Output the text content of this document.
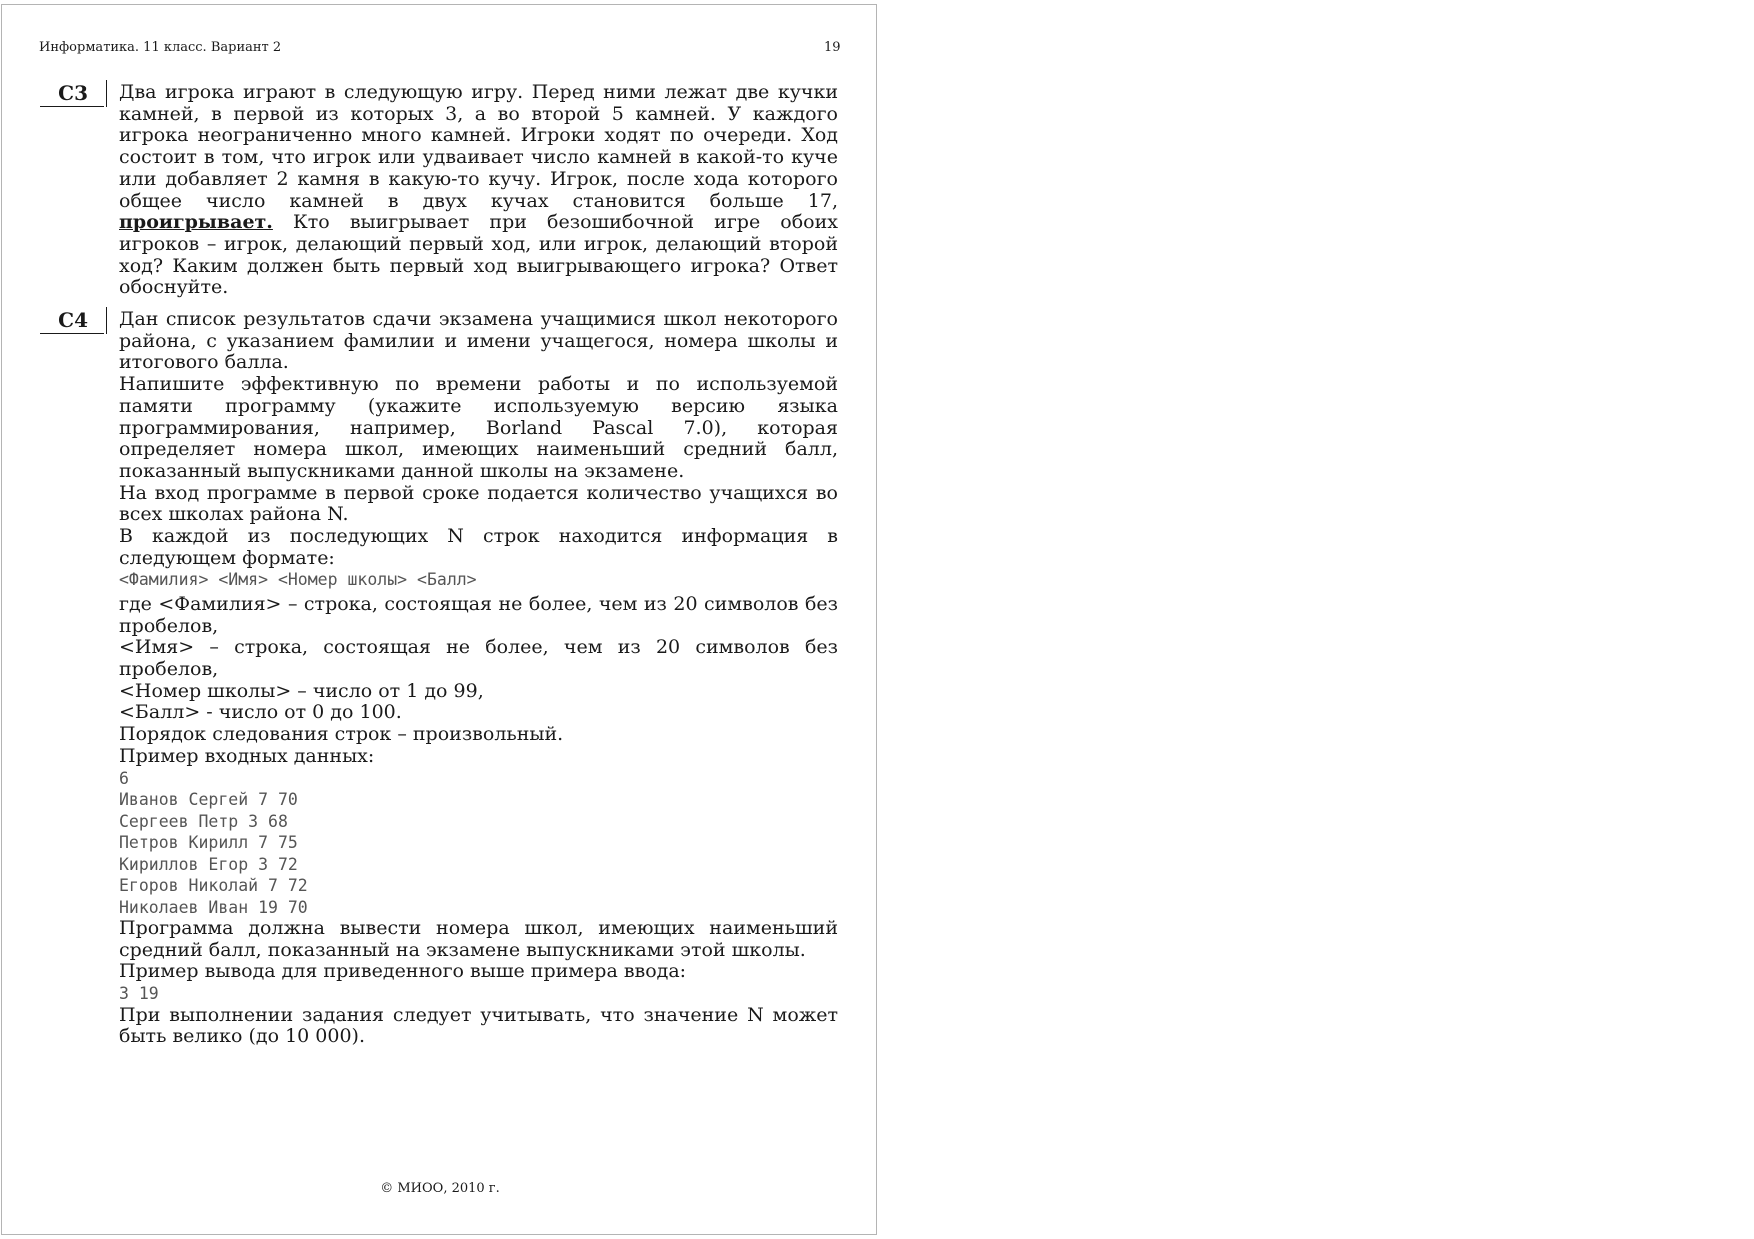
Информатика. 11 класс. Вариант 2	19
С3	Два игрока играют в следующую игру. Перед ними лежат две кучки камней, в первой из которых 3, а во второй 5 камней. У каждого игрока неограниченно много камней. Игроки ходят по очереди. Ход состоит в том, что игрок или удваивает число камней в какой-то куче или добавляет 2 камня в какую-то кучу. Игрок, после хода которого общее число камней в двух кучах становится больше 17, проигрывает. Кто выигрывает при безошибочной игре обоих игроков – игрок, делающий первый ход, или игрок, делающий второй ход? Каким должен быть первый ход выигрывающего игрока? Ответ обоснуйте.

С4	Дан список результатов сдачи экзамена учащимися школ некоторого района, с указанием фамилии и имени учащегося, номера школы и итогового балла.

Напишите эффективную по времени работы и по используемой памяти программу (укажите используемую версию языка программирования, например, Borland Pascal 7.0), которая определяет номера школ, имеющих наименьший средний балл, показанный выпускниками данной школы на экзамене.

На вход программе в первой сроке подается количество учащихся во всех школах района N.

В каждой из последующих N строк находится информация в следующем формате:

<Фамилия> <Имя> <Номер школы> <Балл>

где <Фамилия> – строка, состоящая не более, чем из 20 символов без пробелов,

<Имя> – строка, состоящая не более, чем из 20 символов без пробелов,

<Номер школы> – число от 1 до 99,

<Балл> - число от 0 до 100.

Порядок следования строк – произвольный.

Пример входных данных:

6
Иванов Сергей 7 70
Сергеев Петр 3 68
Петров Кирилл 7 75
Кириллов Егор 3 72
Егоров Николай 7 72
Николаев Иван 19 70

Программа должна вывести номера школ, имеющих наименьший средний балл, показанный на экзамене выпускниками этой школы.

Пример вывода для приведенного выше примера ввода:

3 19

При выполнении задания следует учитывать, что значение N может быть велико (до 10 000).

© МИОО, 2010 г.
